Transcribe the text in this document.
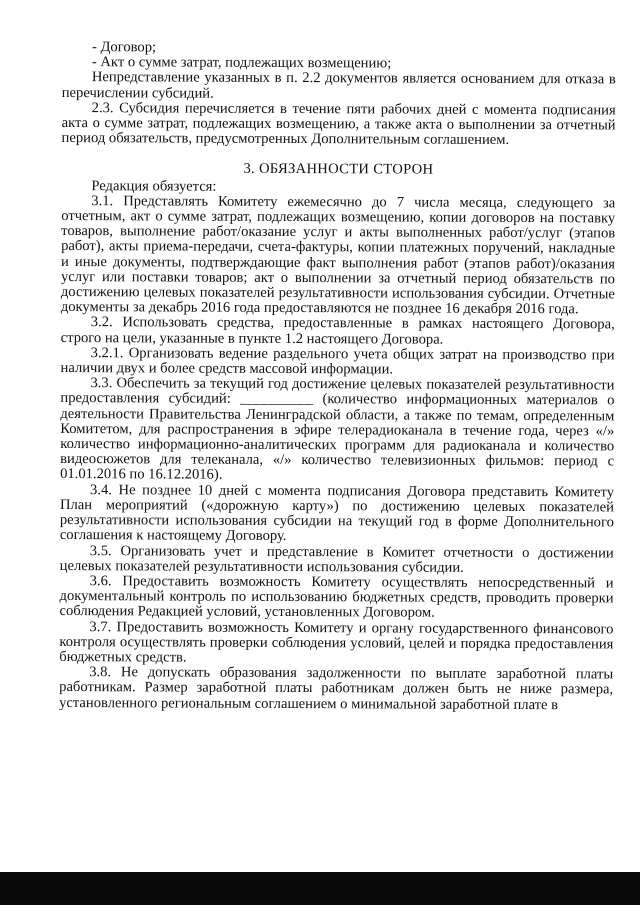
- Договор;

- Акт о сумме затрат, подлежащих возмещению;

Непредставление указанных в п. 2.2 документов является основанием для отказа в перечислении субсидий.

2.3. Субсидия перечисляется в течение пяти рабочих дней с момента подписания акта о сумме затрат, подлежащих возмещению, а также акта о выполнении за отчетный период обязательств, предусмотренных Дополнительным соглашением.

3. ОБЯЗАННОСТИ СТОРОН

Редакция обязуется:

3.1. Представлять Комитету ежемесячно до 7 числа месяца, следующего за отчетным, акт о сумме затрат, подлежащих возмещению, копии договоров на поставку товаров, выполнение работ/оказание услуг и акты выполненных работ/услуг (этапов работ), акты приема-передачи, счета-фактуры, копии платежных поручений, накладные и иные документы, подтверждающие факт выполнения работ (этапов работ)/оказания услуг или поставки товаров; акт о выполнении за отчетный период обязательств по достижению целевых показателей результативности использования субсидии. Отчетные документы за декабрь 2016 года предоставляются не позднее 16 декабря 2016 года.

3.2. Использовать средства, предоставленные в рамках настоящего Договора, строго на цели, указанные в пункте 1.2 настоящего Договора.

3.2.1. Организовать ведение раздельного учета общих затрат на производство при наличии двух и более средств массовой информации.

3.3. Обеспечить за текущий год достижение целевых показателей результативности предоставления субсидий: __________ (количество информационных материалов о деятельности Правительства Ленинградской области, а также по темам, определенным Комитетом, для распространения в эфире телерадиоканала в течение года, через «/» количество информационно-аналитических программ для радиоканала и количество видеосюжетов для телеканала, «/» количество телевизионных фильмов: период с 01.01.2016 по 16.12.2016).

3.4. Не позднее 10 дней с момента подписания Договора представить Комитету План мероприятий («дорожную карту») по достижению целевых показателей результативности использования субсидии на текущий год в форме Дополнительного соглашения к настоящему Договору.

3.5. Организовать учет и представление в Комитет отчетности о достижении целевых показателей результативности использования субсидии.

3.6. Предоставить возможность Комитету осуществлять непосредственный и документальный контроль по использованию бюджетных средств, проводить проверки соблюдения Редакцией условий, установленных Договором.

3.7. Предоставить возможность Комитету и органу государственного финансового контроля осуществлять проверки соблюдения условий, целей и порядка предоставления бюджетных средств.

3.8. Не допускать образования задолженности по выплате заработной платы работникам. Размер заработной платы работникам должен быть не ниже размера, установленного региональным соглашением о минимальной заработной плате в
